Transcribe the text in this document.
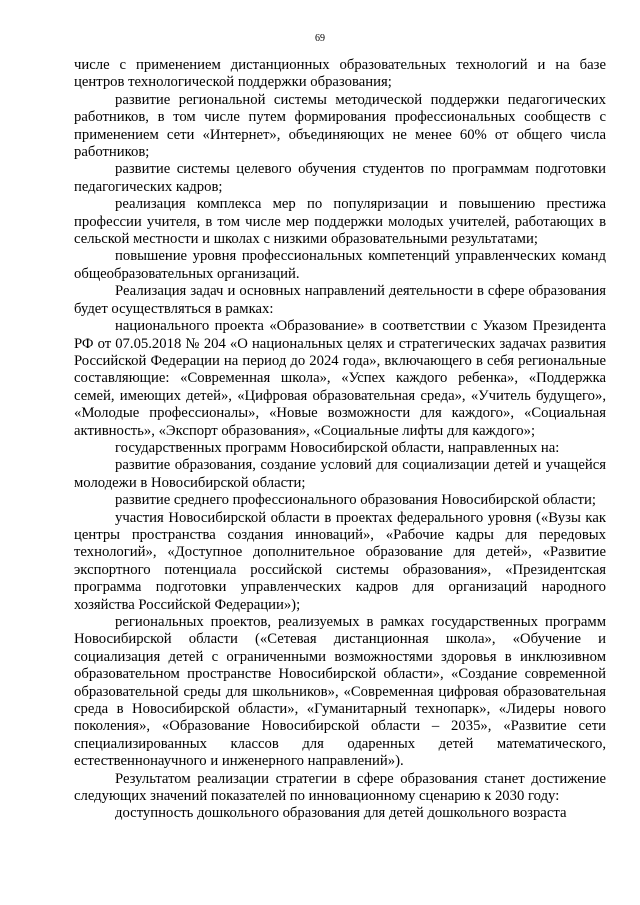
69

числе с применением дистанционных образовательных технологий и на базе центров технологической поддержки образования;

развитие региональной системы методической поддержки педагогических работников, в том числе путем формирования профессиональных сообществ с применением сети «Интернет», объединяющих не менее 60% от общего числа работников;

развитие системы целевого обучения студентов по программам подготовки педагогических кадров;

реализация комплекса мер по популяризации и повышению престижа профессии учителя, в том числе мер поддержки молодых учителей, работающих в сельской местности и школах с низкими образовательными результатами;

повышение уровня профессиональных компетенций управленческих команд общеобразовательных организаций.

Реализация задач и основных направлений деятельности в сфере образования будет осуществляться в рамках:

национального проекта «Образование» в соответствии с Указом Президента РФ от 07.05.2018 № 204 «О национальных целях и стратегических задачах развития Российской Федерации на период до 2024 года», включающего в себя региональные составляющие: «Современная школа», «Успех каждого ребенка», «Поддержка семей, имеющих детей», «Цифровая образовательная среда», «Учитель будущего», «Молодые профессионалы», «Новые возможности для каждого», «Социальная активность», «Экспорт образования», «Социальные лифты для каждого»;

государственных программ Новосибирской области, направленных на:

развитие образования, создание условий для социализации детей и учащейся молодежи в Новосибирской области;

развитие среднего профессионального образования Новосибирской области;

участия Новосибирской области в проектах федерального уровня («Вузы как центры пространства создания инноваций», «Рабочие кадры для передовых технологий», «Доступное дополнительное образование для детей», «Развитие экспортного потенциала российской системы образования», «Президентская программа подготовки управленческих кадров для организаций народного хозяйства Российской Федерации»);

региональных проектов, реализуемых в рамках государственных программ Новосибирской области («Сетевая дистанционная школа», «Обучение и социализация детей с ограниченными возможностями здоровья в инклюзивном образовательном пространстве Новосибирской области», «Создание современной образовательной среды для школьников», «Современная цифровая образовательная среда в Новосибирской области», «Гуманитарный технопарк», «Лидеры нового поколения», «Образование Новосибирской области – 2035», «Развитие сети специализированных классов для одаренных детей математического, естественнонаучного и инженерного направлений»).

Результатом реализации стратегии в сфере образования станет достижение следующих значений показателей по инновационному сценарию к 2030 году:

доступность дошкольного образования для детей дошкольного возраста
